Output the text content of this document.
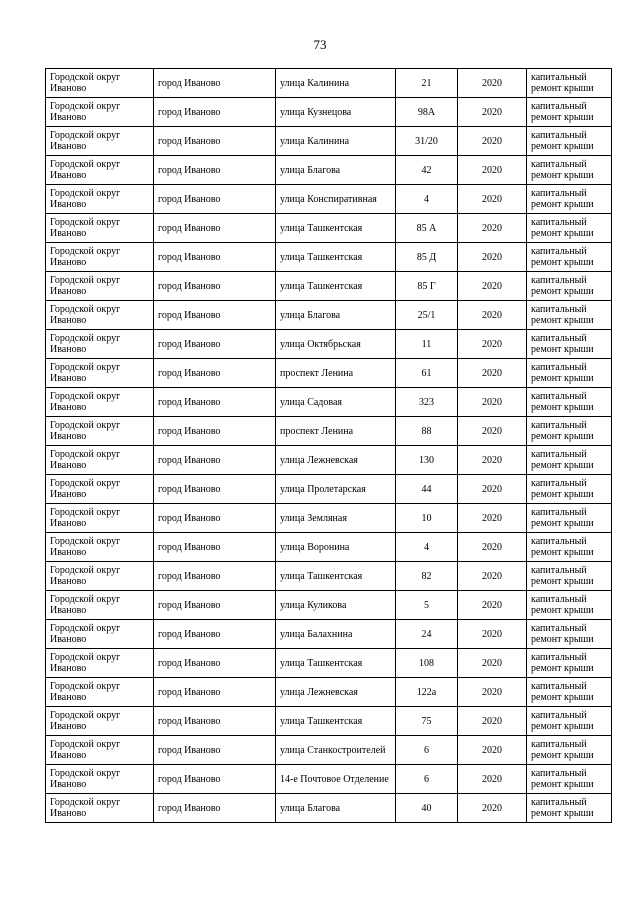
73
Городской округ Иваново	город Иваново	улица Калинина	21	2020	капитальный ремонт крыши
Городской округ Иваново	город Иваново	улица Кузнецова	98А	2020	капитальный ремонт крыши
Городской округ Иваново	город Иваново	улица Калинина	31/20	2020	капитальный ремонт крыши
Городской округ Иваново	город Иваново	улица Благова	42	2020	капитальный ремонт крыши
Городской округ Иваново	город Иваново	улица Конспиративная	4	2020	капитальный ремонт крыши
Городской округ Иваново	город Иваново	улица Ташкентская	85 А	2020	капитальный ремонт крыши
Городской округ Иваново	город Иваново	улица Ташкентская	85 Д	2020	капитальный ремонт крыши
Городской округ Иваново	город Иваново	улица Ташкентская	85 Г	2020	капитальный ремонт крыши
Городской округ Иваново	город Иваново	улица Благова	25/1	2020	капитальный ремонт крыши
Городской округ Иваново	город Иваново	улица Октябрьская	11	2020	капитальный ремонт крыши
Городской округ Иваново	город Иваново	проспект Ленина	61	2020	капитальный ремонт крыши
Городской округ Иваново	город Иваново	улица Садовая	323	2020	капитальный ремонт крыши
Городской округ Иваново	город Иваново	проспект Ленина	88	2020	капитальный ремонт крыши
Городской округ Иваново	город Иваново	улица Лежневская	130	2020	капитальный ремонт крыши
Городской округ Иваново	город Иваново	улица Пролетарская	44	2020	капитальный ремонт крыши
Городской округ Иваново	город Иваново	улица Земляная	10	2020	капитальный ремонт крыши
Городской округ Иваново	город Иваново	улица Воронина	4	2020	капитальный ремонт крыши
Городской округ Иваново	город Иваново	улица Ташкентская	82	2020	капитальный ремонт крыши
Городской округ Иваново	город Иваново	улица Куликова	5	2020	капитальный ремонт крыши
Городской округ Иваново	город Иваново	улица Балахнина	24	2020	капитальный ремонт крыши
Городской округ Иваново	город Иваново	улица Ташкентская	108	2020	капитальный ремонт крыши
Городской округ Иваново	город Иваново	улица Лежневская	122а	2020	капитальный ремонт крыши
Городской округ Иваново	город Иваново	улица Ташкентская	75	2020	капитальный ремонт крыши
Городской округ Иваново	город Иваново	улица Станкостроителей	6	2020	капитальный ремонт крыши
Городской округ Иваново	город Иваново	14-е Почтовое Отделение	6	2020	капитальный ремонт крыши
Городской округ Иваново	город Иваново	улица Благова	40	2020	капитальный ремонт крыши
